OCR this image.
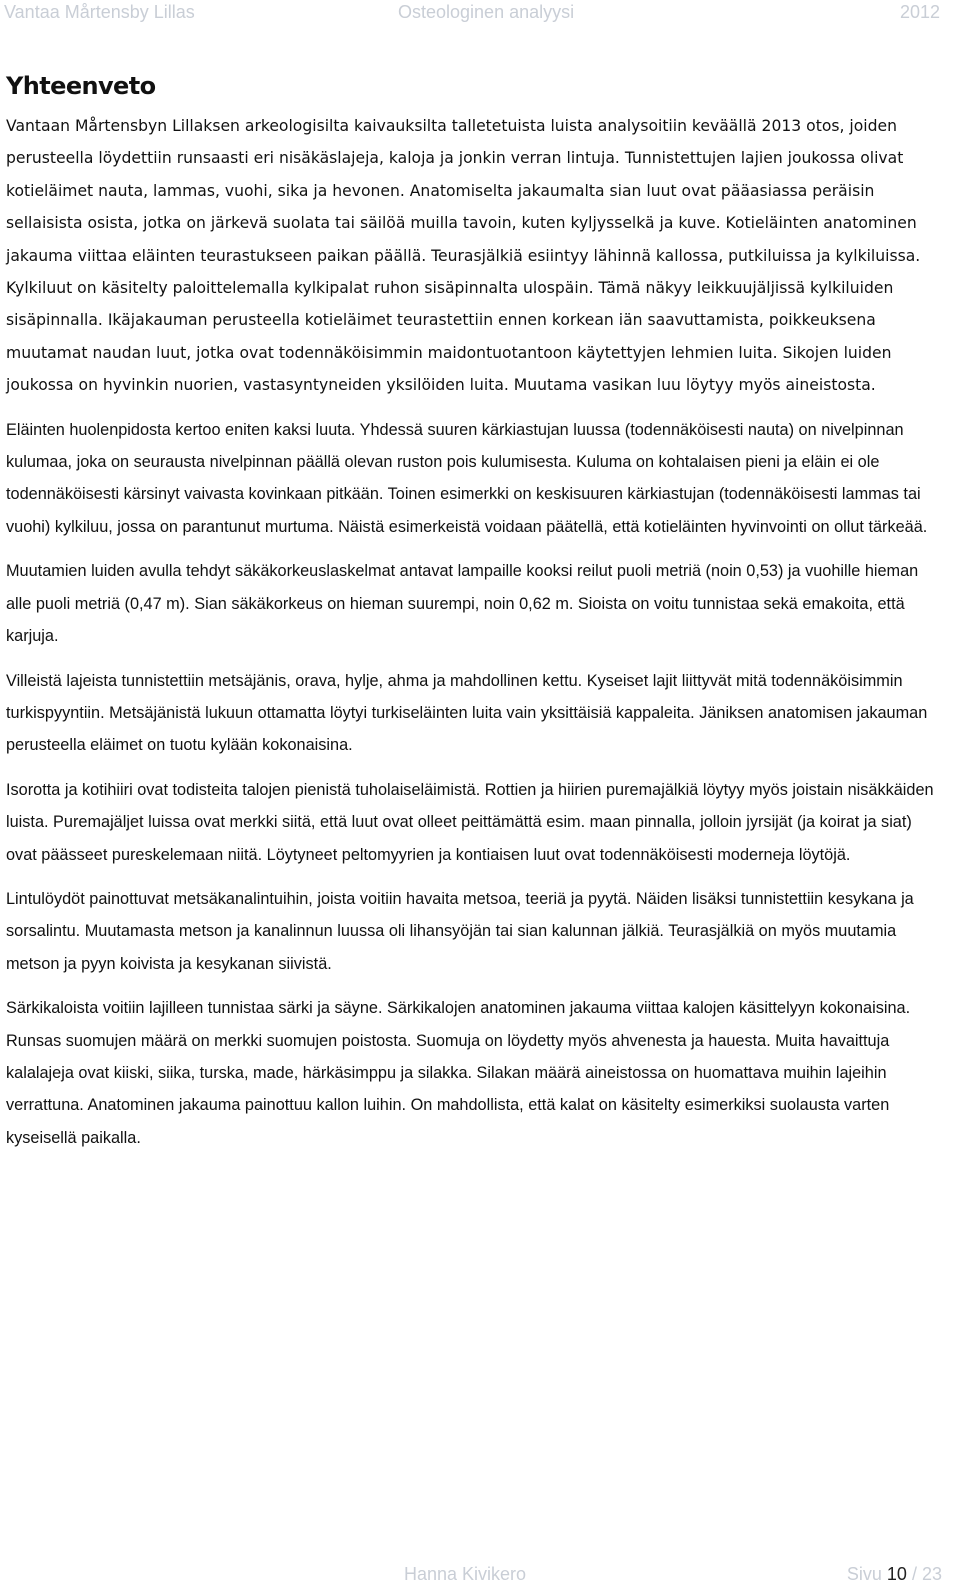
Vantaa Mårtensby Lillas	Osteologinen analyysi	2012
Yhteenveto

Vantaan Mårtensbyn Lillaksen arkeologisilta kaivauksilta talletetuista luista analysoitiin keväällä 2013 otos, joiden perusteella löydettiin runsaasti eri nisäkäslajeja, kaloja ja jonkin verran lintuja. Tunnistettujen lajien joukossa olivat kotieläimet nauta, lammas, vuohi, sika ja hevonen. Anatomiselta jakaumalta sian luut ovat pääasiassa peräisin sellaisista osista, jotka on järkevä suolata tai säilöä muilla tavoin, kuten kyljysselkä ja kuve. Kotieläinten anatominen jakauma viittaa eläinten teurastukseen paikan päällä. Teurasjälkiä esiintyy lähinnä kallossa, putkiluissa ja kylkiluissa. Kylkiluut on käsitelty paloittelemalla kylkipalat ruhon sisäpinnalta ulospäin. Tämä näkyy leikkuujäljissä kylkiluiden sisäpinnalla. Ikäjakauman perusteella kotieläimet teurastettiin ennen korkean iän saavuttamista, poikkeuksena muutamat naudan luut, jotka ovat todennäköisimmin maidontuotantoon käytettyjen lehmien luita. Sikojen luiden joukossa on hyvinkin nuorien, vastasyntyneiden yksilöiden luita. Muutama vasikan luu löytyy myös aineistosta.

Eläinten huolenpidosta kertoo eniten kaksi luuta. Yhdessä suuren kärkiastujan luussa (todennäköisesti nauta) on nivelpinnan kulumaa, joka on seurausta nivelpinnan päällä olevan ruston pois kulumisesta. Kuluma on kohtalaisen pieni ja eläin ei ole todennäköisesti kärsinyt vaivasta kovinkaan pitkään. Toinen esimerkki on keskisuuren kärkiastujan (todennäköisesti lammas tai vuohi) kylkiluu, jossa on parantunut murtuma. Näistä esimerkeistä voidaan päätellä, että kotieläinten hyvinvointi on ollut tärkeää.

Muutamien luiden avulla tehdyt säkäkorkeuslaskelmat antavat lampaille kooksi reilut puoli metriä (noin 0,53) ja vuohille hieman alle puoli metriä (0,47 m). Sian säkäkorkeus on hieman suurempi, noin 0,62 m. Sioista on voitu tunnistaa sekä emakoita, että karjuja.

Villeistä lajeista tunnistettiin metsäjänis, orava, hylje, ahma ja mahdollinen kettu. Kyseiset lajit liittyvät mitä todennäköisimmin turkispyyntiin. Metsäjänistä lukuun ottamatta löytyi turkiseläinten luita vain yksittäisiä kappaleita. Jäniksen anatomisen jakauman perusteella eläimet on tuotu kylään kokonaisina.

Isorotta ja kotihiiri ovat todisteita talojen pienistä tuholaiseläimistä. Rottien ja hiirien puremajälkiä löytyy myös joistain nisäkkäiden luista. Puremajäljet luissa ovat merkki siitä, että luut ovat olleet peittämättä esim. maan pinnalla, jolloin jyrsijät (ja koirat ja siat) ovat päässeet pureskelemaan niitä. Löytyneet peltomyyrien ja kontiaisen luut ovat todennäköisesti moderneja löytöjä.

Lintulöydöt painottuvat metsäkanalintuihin, joista voitiin havaita metsoa, teeriä ja pyytä. Näiden lisäksi tunnistettiin kesykana ja sorsalintu. Muutamasta metson ja kanalinnun luussa oli lihansyöjän tai sian kalunnan jälkiä. Teurasjälkiä on myös muutamia metson ja pyyn koivista ja kesykanan siivistä.

Särkikaloista voitiin lajilleen tunnistaa särki ja säyne. Särkikalojen anatominen jakauma viittaa kalojen käsittelyyn kokonaisina. Runsas suomujen määrä on merkki suomujen poistosta. Suomuja on löydetty myös ahvenesta ja hauesta. Muita havaittuja kalalajeja ovat kiiski, siika, turska, made, härkäsimppu ja silakka. Silakan määrä aineistossa on huomattava muihin lajeihin verrattuna. Anatominen jakauma painottuu kallon luihin. On mahdollista, että kalat on käsitelty esimerkiksi suolausta varten kyseisellä paikalla.

Hanna Kivikero	Sivu 10 / 23
